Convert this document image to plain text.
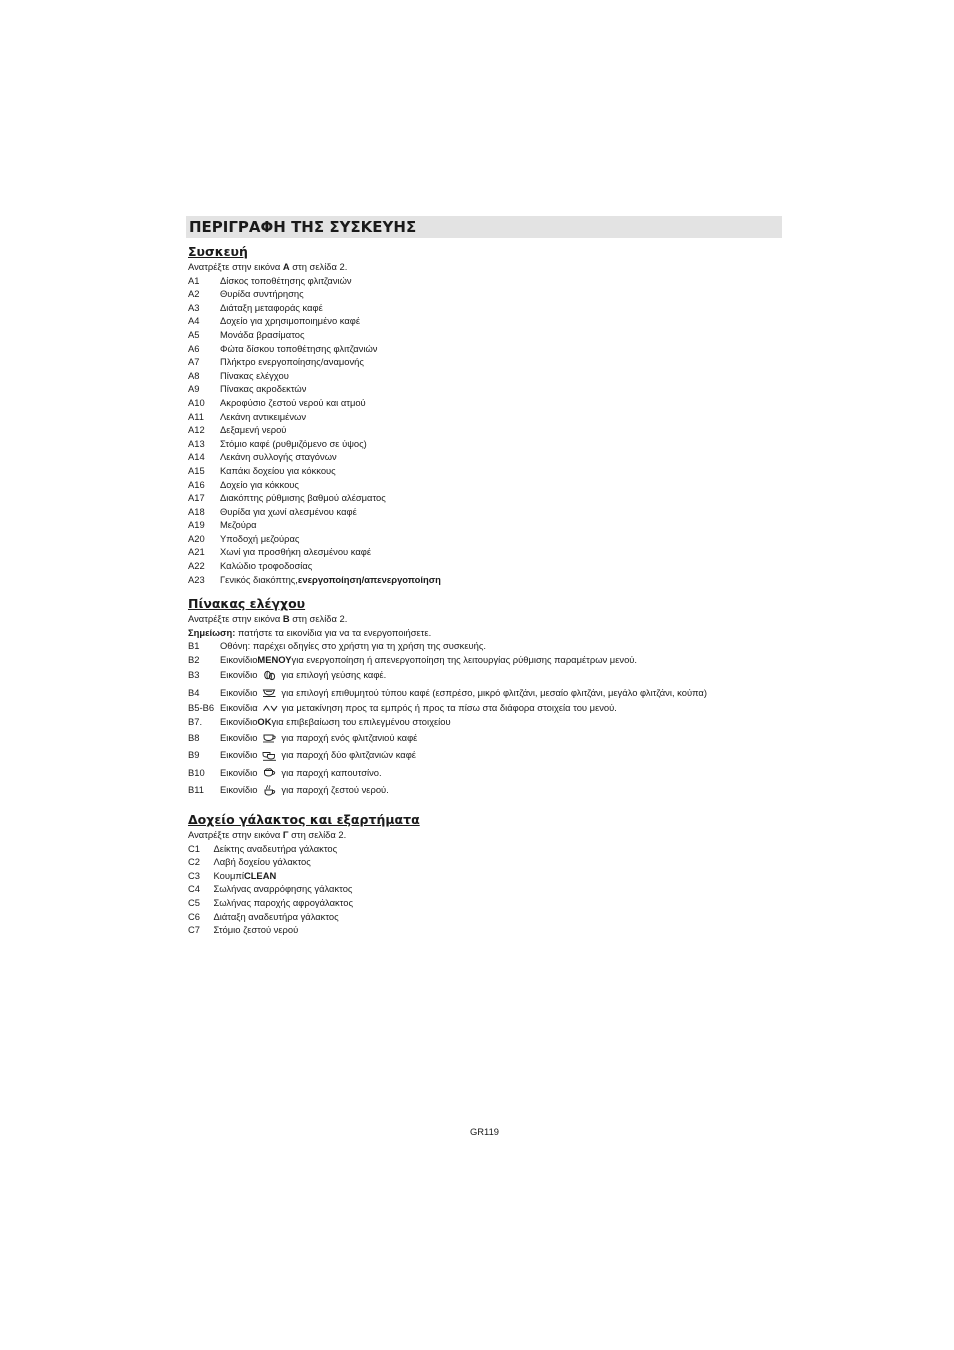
ΠΕΡΙΓΡΑΦΗ ΤΗΣ ΣΥΣΚΕΥΗΣ
Συσκευή
Ανατρέξτε στην εικόνα A στη σελίδα 2.
A1	Δίσκος τοποθέτησης φλιτζανιών
A2	Θυρίδα συντήρησης
A3	Διάταξη μεταφοράς καφέ
A4	Δοχείο για χρησιμοποιημένο καφέ
A5	Μονάδα βρασίματος
A6	Φώτα δίσκου τοποθέτησης φλιτζανιών
A7	Πλήκτρο ενεργοποίησης/αναμονής
A8	Πίνακας ελέγχου
A9	Πίνακας ακροδεκτών
A10	Ακροφύσιο ζεστού νερού και ατμού
A11	Λεκάνη αντικειμένων
A12	Δεξαμενή νερού
A13	Στόμιο καφέ (ρυθμιζόμενο σε ύψος)
A14	Λεκάνη συλλογής σταγόνων
A15	Καπάκι δοχείου για κόκκους
A16	Δοχείο για κόκκους
A17	Διακόπτης ρύθμισης βαθμού αλέσματος
A18	Θυρίδα για χωνί αλεσμένου καφέ
A19	Μεζούρα
A20	Υποδοχή μεζούρας
A21	Χωνί για προσθήκη αλεσμένου καφέ
A22	Καλώδιο τροφοδοσίας
A23	Γενικός διακόπτης, ενεργοποίηση/απενεργοποίηση
Πίνακας ελέγχου
Ανατρέξτε στην εικόνα B στη σελίδα 2.
Σημείωση: πατήστε τα εικονίδια για να τα ενεργοποιήσετε.
B1	Οθόνη: παρέχει οδηγίες στο χρήστη για τη χρήση της συσκευής.
B2	Εικονίδιο ΜΕΝΟΥ για ενεργοποίηση ή απενεργοποίηση της λειτουργίας ρύθμισης παραμέτρων μενού.
B3	Εικονίδιο	για επιλογή γεύσης καφέ.
B4	Εικονίδιο	για επιλογή επιθυμητού τύπου καφέ (εσπρέσο, μικρό φλιτζάνι, μεσαίο φλιτζάνι, μεγάλο φλιτζάνι, κούπα)
B5-B6 Εικονίδια	για μετακίνηση προς τα εμπρός ή προς τα πίσω στα διάφορα στοιχεία του μενού.
B7.	Εικονίδιο OK για επιβεβαίωση του επιλεγμένου στοιχείου
B8	Εικονίδιο	για παροχή ενός φλιτζανιού καφέ
B9	Εικονίδιο	για παροχή δύο φλιτζανιών καφέ
B10	Εικονίδιο	για παροχή καπουτσίνο.
B11	Εικονίδιο	για παροχή ζεστού νερού.
Δοχείο γάλακτος και εξαρτήματα
Ανατρέξτε στην εικόνα Γ στη σελίδα 2.
C1	Δείκτης αναδευτήρα γάλακτος
C2	Λαβή δοχείου γάλακτος
C3	Κουμπί CLEAN
C4	Σωλήνας αναρρόφησης γάλακτος
C5	Σωλήνας παροχής αφρογάλακτος
C6	Διάταξη αναδευτήρα γάλακτος
C7	Στόμιο ζεστού νερού
GR119
